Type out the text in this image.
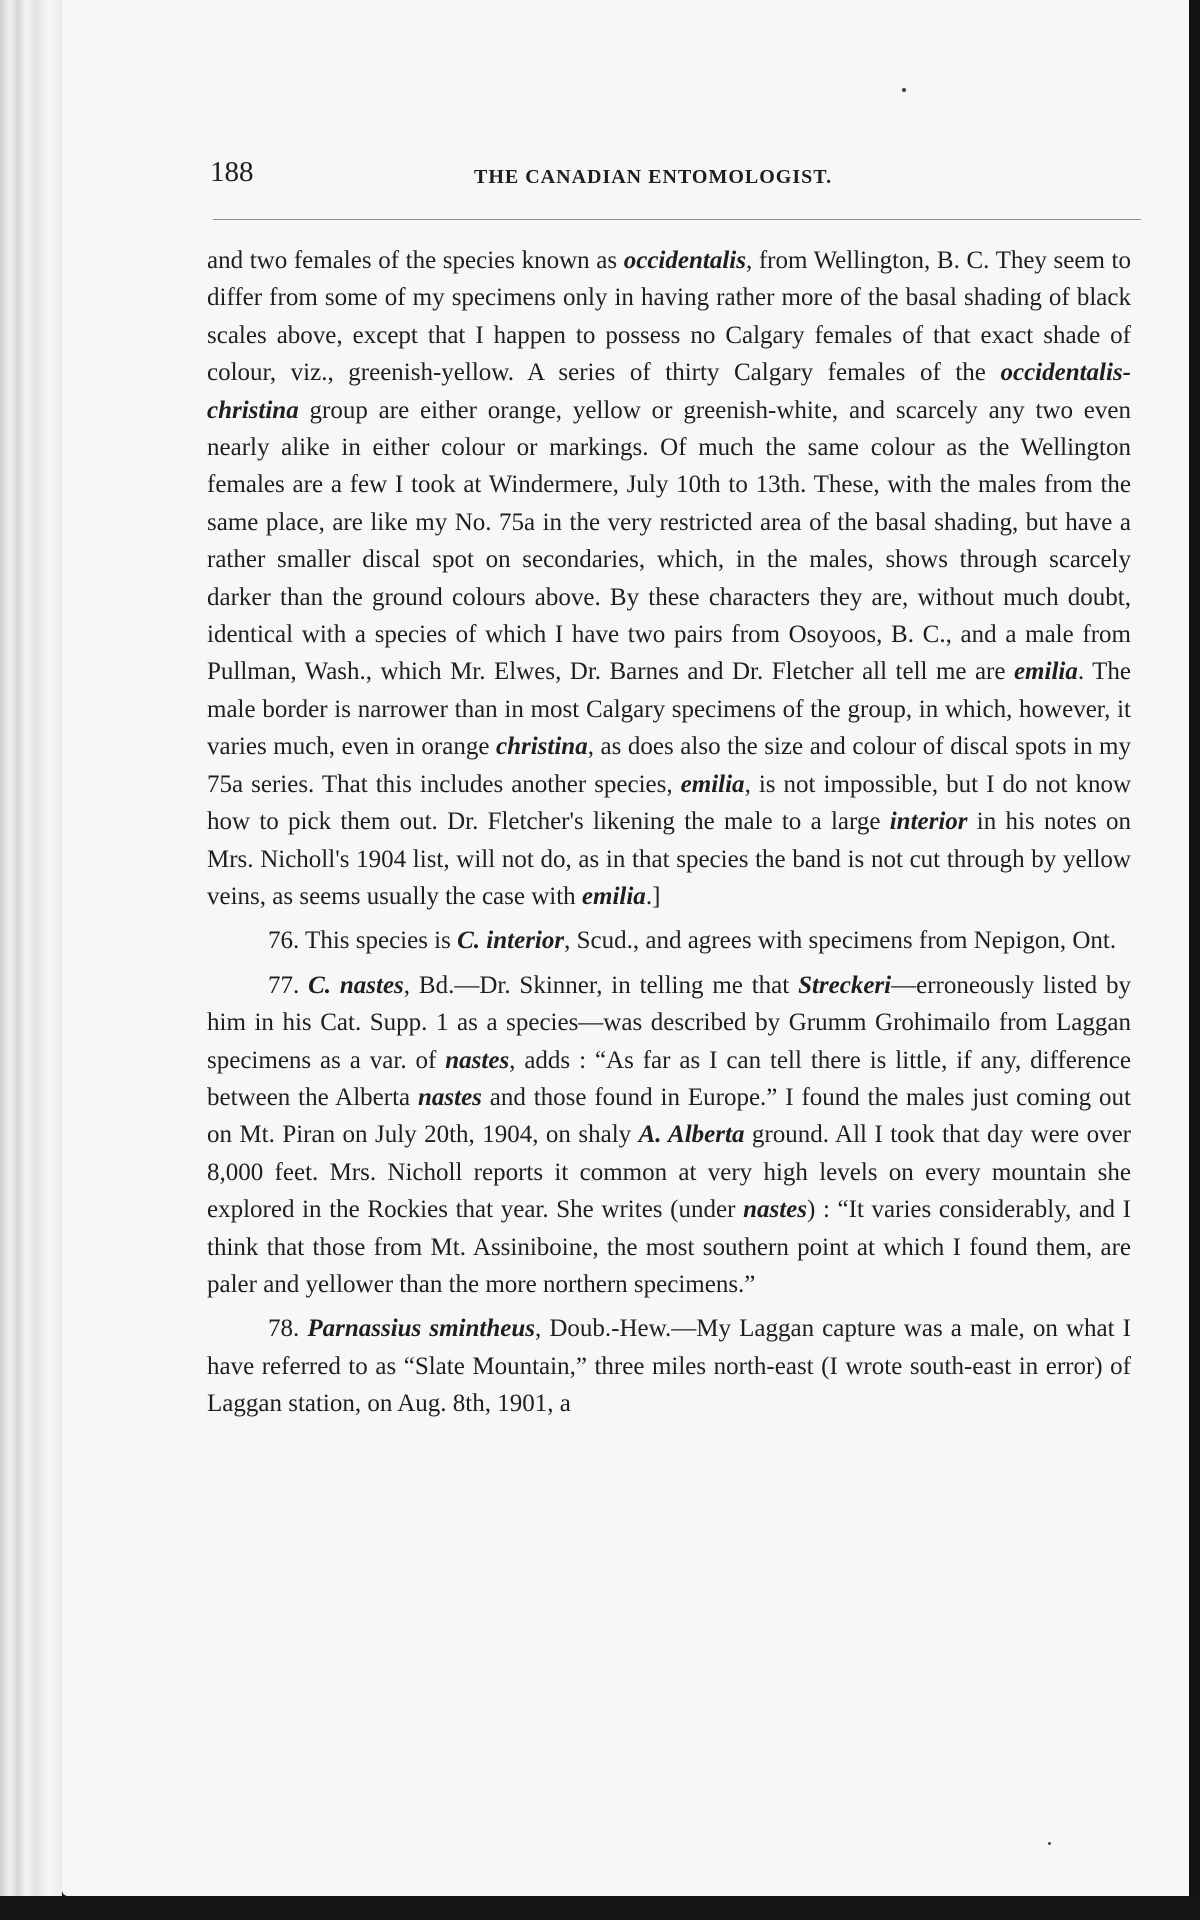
188	THE CANADIAN ENTOMOLOGIST.

and two females of the species known as occidentalis, from Wellington, B. C. They seem to differ from some of my specimens only in having rather more of the basal shading of black scales above, except that I happen to possess no Calgary females of that exact shade of colour, viz., greenish-yellow. A series of thirty Calgary females of the occidentalis-christina group are either orange, yellow or greenish-white, and scarcely any two even nearly alike in either colour or markings. Of much the same colour as the Wellington females are a few I took at Windermere, July 10th to 13th. These, with the males from the same place, are like my No. 75a in the very restricted area of the basal shading, but have a rather smaller discal spot on secondaries, which, in the males, shows through scarcely darker than the ground colours above. By these characters they are, without much doubt, identical with a species of which I have two pairs from Osoyoos, B. C., and a male from Pullman, Wash., which Mr. Elwes, Dr. Barnes and Dr. Fletcher all tell me are emilia. The male border is narrower than in most Calgary specimens of the group, in which, however, it varies much, even in orange christina, as does also the size and colour of discal spots in my 75a series. That this includes another species, emilia, is not impossible, but I do not know how to pick them out. Dr. Fletcher's likening the male to a large interior in his notes on Mrs. Nicholl's 1904 list, will not do, as in that species the band is not cut through by yellow veins, as seems usually the case with emilia.]

76. This species is C. interior, Scud., and agrees with specimens from Nepigon, Ont.

77. C. nastes, Bd.—Dr. Skinner, in telling me that Streckeri—erroneously listed by him in his Cat. Supp. 1 as a species—was described by Grumm Grohimailo from Laggan specimens as a var. of nastes, adds : “As far as I can tell there is little, if any, difference between the Alberta nastes and those found in Europe.” I found the males just coming out on Mt. Piran on July 20th, 1904, on shaly A. Alberta ground. All I took that day were over 8,000 feet. Mrs. Nicholl reports it common at very high levels on every mountain she explored in the Rockies that year. She writes (under nastes) : “It varies considerably, and I think that those from Mt. Assiniboine, the most southern point at which I found them, are paler and yellower than the more northern specimens.”

78. Parnassius smintheus, Doub.-Hew.—My Laggan capture was a male, on what I have referred to as “Slate Mountain,” three miles north-east (I wrote south-east in error) of Laggan station, on Aug. 8th, 1901, a
